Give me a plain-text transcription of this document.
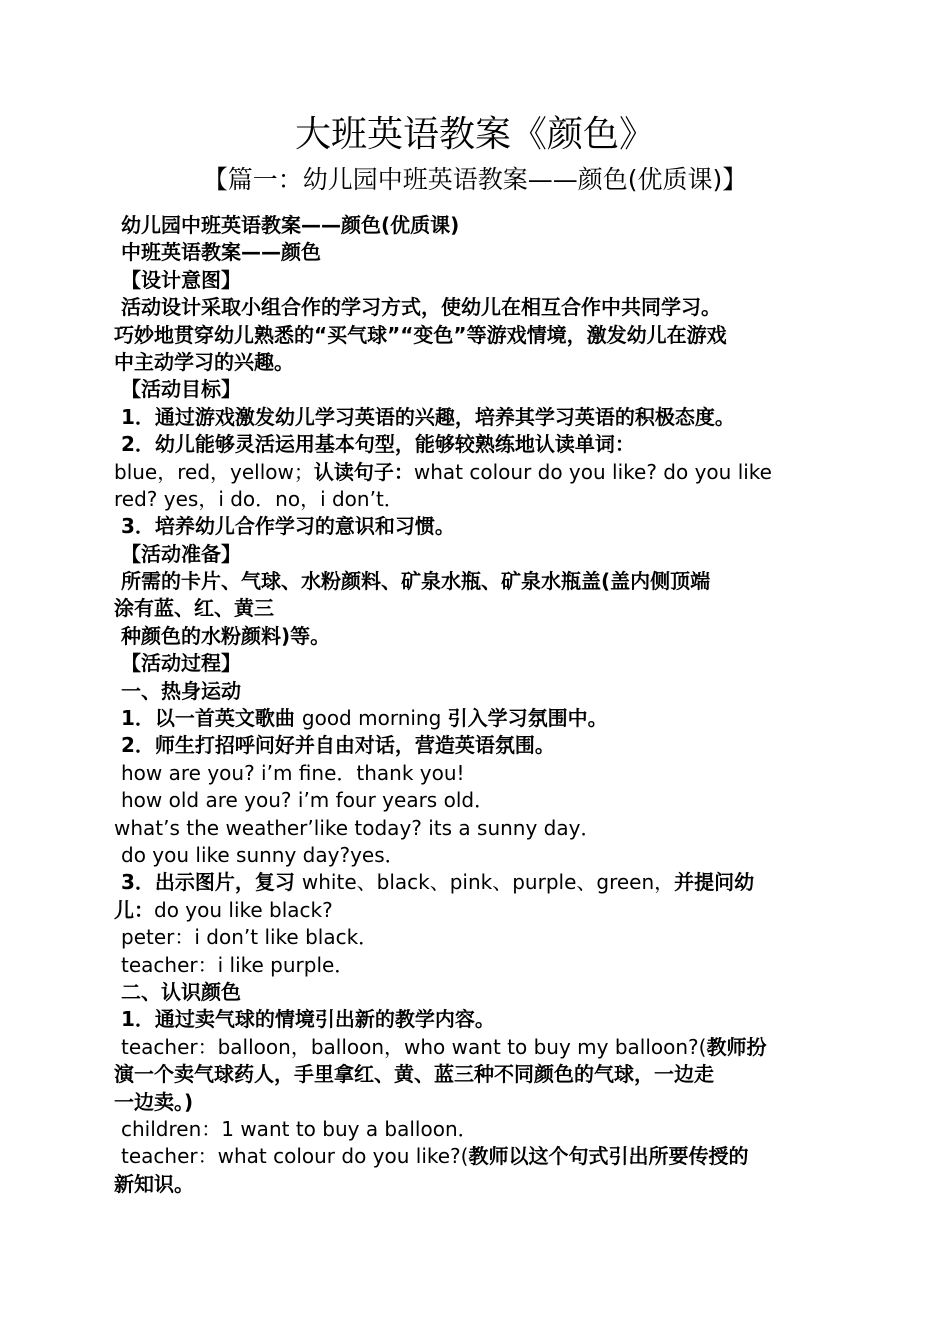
大班英语教案《颜色》
【篇一：幼儿园中班英语教案——颜色(优质课)】
幼儿园中班英语教案——颜色(优质课)
中班英语教案——颜色
【设计意图】
活动设计采取小组合作的学习方式，使幼儿在相互合作中共同学习。
巧妙地贯穿幼儿熟悉的“买气球”“变色”等游戏情境，激发幼儿在游戏
中主动学习的兴趣。
【活动目标】
1．通过游戏激发幼儿学习英语的兴趣，培养其学习英语的积极态度。
2．幼儿能够灵活运用基本句型，能够较熟练地认读单词：
blue，red，yellow；认读句子：what colour do you like? do you like
red? yes，i do．no，i don’t．
3．培养幼儿合作学习的意识和习惯。
【活动准备】
所需的卡片、气球、水粉颜料、矿泉水瓶、矿泉水瓶盖(盖内侧顶端
涂有蓝、红、黄三
种颜色的水粉颜料)等。
【活动过程】
一、热身运动
1．以一首英文歌曲 good morning 引入学习氛围中。
2．师生打招呼问好并自由对话，营造英语氛围。
how are you? i’m fine．thank you!
how old are you? i’m four years old．
what’s the weather’like today? its a sunny day．
do you like sunny day?yes．
3．出示图片，复习 white、black、pink、purple、green，并提问幼
儿：do you like black?
peter：i don’t like black．
teacher：i like purple．
二、认识颜色
1．通过卖气球的情境引出新的教学内容。
teacher：balloon，balloon，who want to buy my balloon?(教师扮
演一个卖气球药人，手里拿红、黄、蓝三种不同颜色的气球，一边走
一边卖。)
children：1 want to buy a balloon．
teacher：what colour do you like?(教师以这个句式引出所要传授的
新知识。
